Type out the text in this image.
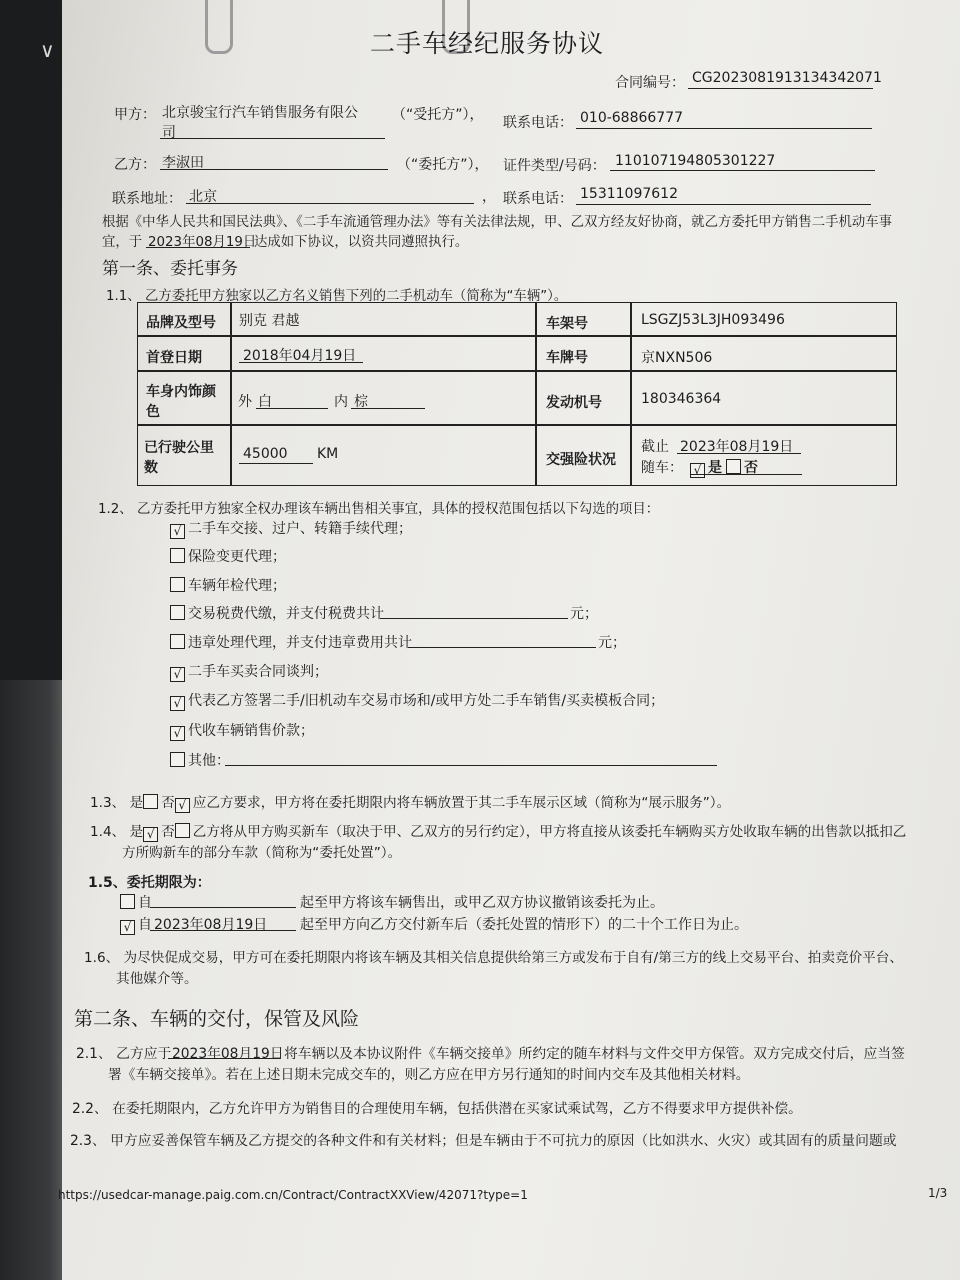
∨	二手车经纪服务协议
合同编号： CG2023081913134342071
甲方： 北京骏宝行汽车销售服务有限公
司
（“受托方”）， 联系电话： 010-68866777
乙方： 李淑田	（“委托方”）， 证件类型/号码： 110107194805301227
联系地址： 北京	， 联系电话： 15311097612
根据《中华人民共和国民法典》、《二手车流通管理办法》等有关法律法规，甲、乙双方经友好协商，就乙方委托甲方销售二手机动车事
宜，于 2023年08月19日
达成如下协议，以资共同遵照执行。
第一条、委托事务
1.1、 乙方委托甲方独家以乙方名义销售下列的二手机动车（简称为“车辆”）。
品牌及型号 别克 君越	车架号	LSGZJ53L3JH093496
首登日期	2018年04月19日	车牌号	京NXN506
车身内饰颜
色
外 白	内 棕	发动机号	180346364
已行驶公里
数
45000 KM	交强险状况
截止 2023年08月19日
随车： √ 是 否
1.2、 乙方委托甲方独家全权办理该车辆出售相关事宜，具体的授权范围包括以下勾选的项目：
√ 二手车交接、过户、转籍手续代理；
保险变更代理；
车辆年检代理；
交易税费代缴，并支付税费共计	元；
违章处理代理，并支付违章费用共计	元；
√ 二手车买卖合同谈判；
√ 代表乙方签署二手/旧机动车交易市场和/或甲方处二手车销售/买卖模板合同；
√ 代收车辆销售价款；
其他：
1.3、 是 否 √ 应乙方要求，甲方将在委托期限内将车辆放置于其二手车展示区域（简称为“展示服务”）。
1.4、 是 √ 否 乙方将从甲方购买新车（取决于甲、乙双方的另行约定），甲方将直接从该委托车辆购买方处收取车辆的出售款以抵扣乙
方所购新车的部分车款（简称为“委托处置”）。
1.5、委托期限为：
自	起至甲方将该车辆售出，或甲乙双方协议撤销该委托为止。
√ 自 2023年08月19日 起至甲方向乙方交付新车后（委托处置的情形下）的二十个工作日为止。
1.6、 为尽快促成交易，甲方可在委托期限内将该车辆及其相关信息提供给第三方或发布于自有/第三方的线上交易平台、拍卖竞价平台、
其他媒介等。
第二条、车辆的交付，保管及风险
2.1、 乙方应于 2023年08月19日 将车辆以及本协议附件《车辆交接单》所约定的随车材料与文件交甲方保管。双方完成交付后，应当签
署《车辆交接单》。若在上述日期未完成交车的，则乙方应在甲方另行通知的时间内交车及其他相关材料。
2.2、 在委托期限内，乙方允许甲方为销售目的合理使用车辆，包括供潜在买家试乘试驾，乙方不得要求甲方提供补偿。
2.3、 甲方应妥善保管车辆及乙方提交的各种文件和有关材料；但是车辆由于不可抗力的原因（比如洪水、火灾）或其固有的质量问题或
https://usedcar-manage.paig.com.cn/Contract/ContractXXView/42071?type=1	1/3
